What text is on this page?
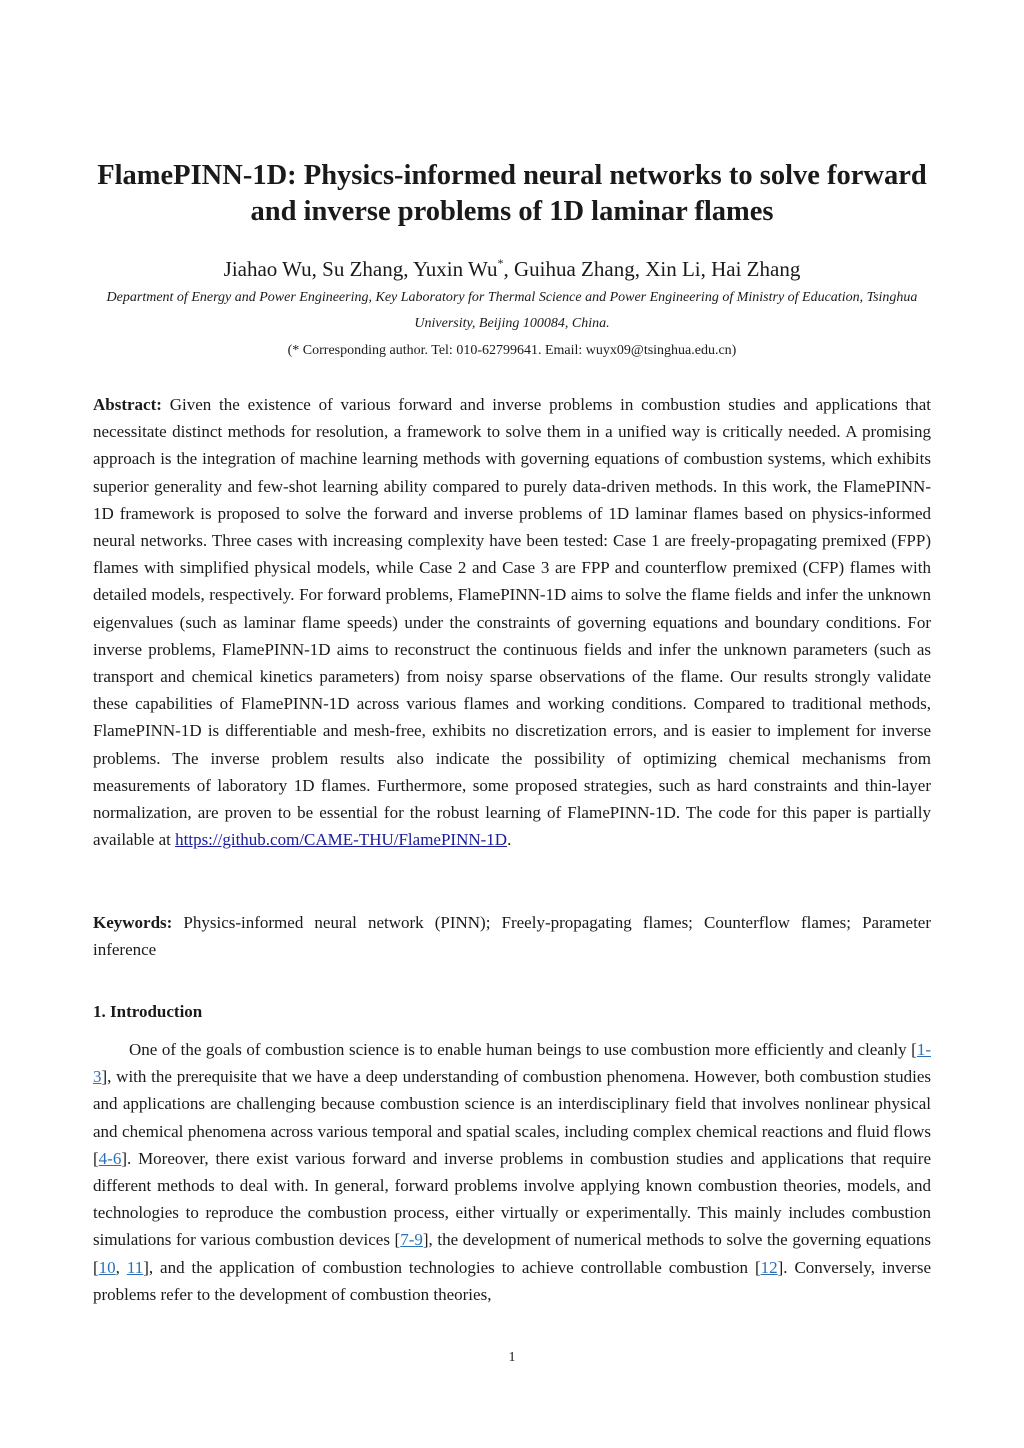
FlamePINN-1D: Physics-informed neural networks to solve forward and inverse problems of 1D laminar flames

Jiahao Wu, Su Zhang, Yuxin Wu*, Guihua Zhang, Xin Li, Hai Zhang

Department of Energy and Power Engineering, Key Laboratory for Thermal Science and Power Engineering of Ministry of Education, Tsinghua University, Beijing 100084, China.

(* Corresponding author. Tel: 010-62799641. Email: wuyx09@tsinghua.edu.cn)

Abstract: Given the existence of various forward and inverse problems in combustion studies and applications that necessitate distinct methods for resolution, a framework to solve them in a unified way is critically needed. A promising approach is the integration of machine learning methods with governing equations of combustion systems, which exhibits superior generality and few-shot learning ability compared to purely data-driven methods. In this work, the FlamePINN-1D framework is proposed to solve the forward and inverse problems of 1D laminar flames based on physics-informed neural networks. Three cases with increasing complexity have been tested: Case 1 are freely-propagating premixed (FPP) flames with simplified physical models, while Case 2 and Case 3 are FPP and counterflow premixed (CFP) flames with detailed models, respectively. For forward problems, FlamePINN-1D aims to solve the flame fields and infer the unknown eigenvalues (such as laminar flame speeds) under the constraints of governing equations and boundary conditions. For inverse problems, FlamePINN-1D aims to reconstruct the continuous fields and infer the unknown parameters (such as transport and chemical kinetics parameters) from noisy sparse observations of the flame. Our results strongly validate these capabilities of FlamePINN-1D across various flames and working conditions. Compared to traditional methods, FlamePINN-1D is differentiable and mesh-free, exhibits no discretization errors, and is easier to implement for inverse problems. The inverse problem results also indicate the possibility of optimizing chemical mechanisms from measurements of laboratory 1D flames. Furthermore, some proposed strategies, such as hard constraints and thin-layer normalization, are proven to be essential for the robust learning of FlamePINN-1D. The code for this paper is partially available at https://github.com/CAME-THU/FlamePINN-1D.

Keywords: Physics-informed neural network (PINN); Freely-propagating flames; Counterflow flames; Parameter inference

1. Introduction

One of the goals of combustion science is to enable human beings to use combustion more efficiently and cleanly [1-3], with the prerequisite that we have a deep understanding of combustion phenomena. However, both combustion studies and applications are challenging because combustion science is an interdisciplinary field that involves nonlinear physical and chemical phenomena across various temporal and spatial scales, including complex chemical reactions and fluid flows [4-6]. Moreover, there exist various forward and inverse problems in combustion studies and applications that require different methods to deal with. In general, forward problems involve applying known combustion theories, models, and technologies to reproduce the combustion process, either virtually or experimentally. This mainly includes combustion simulations for various combustion devices [7-9], the development of numerical methods to solve the governing equations [10, 11], and the application of combustion technologies to achieve controllable combustion [12]. Conversely, inverse problems refer to the development of combustion theories,

1
